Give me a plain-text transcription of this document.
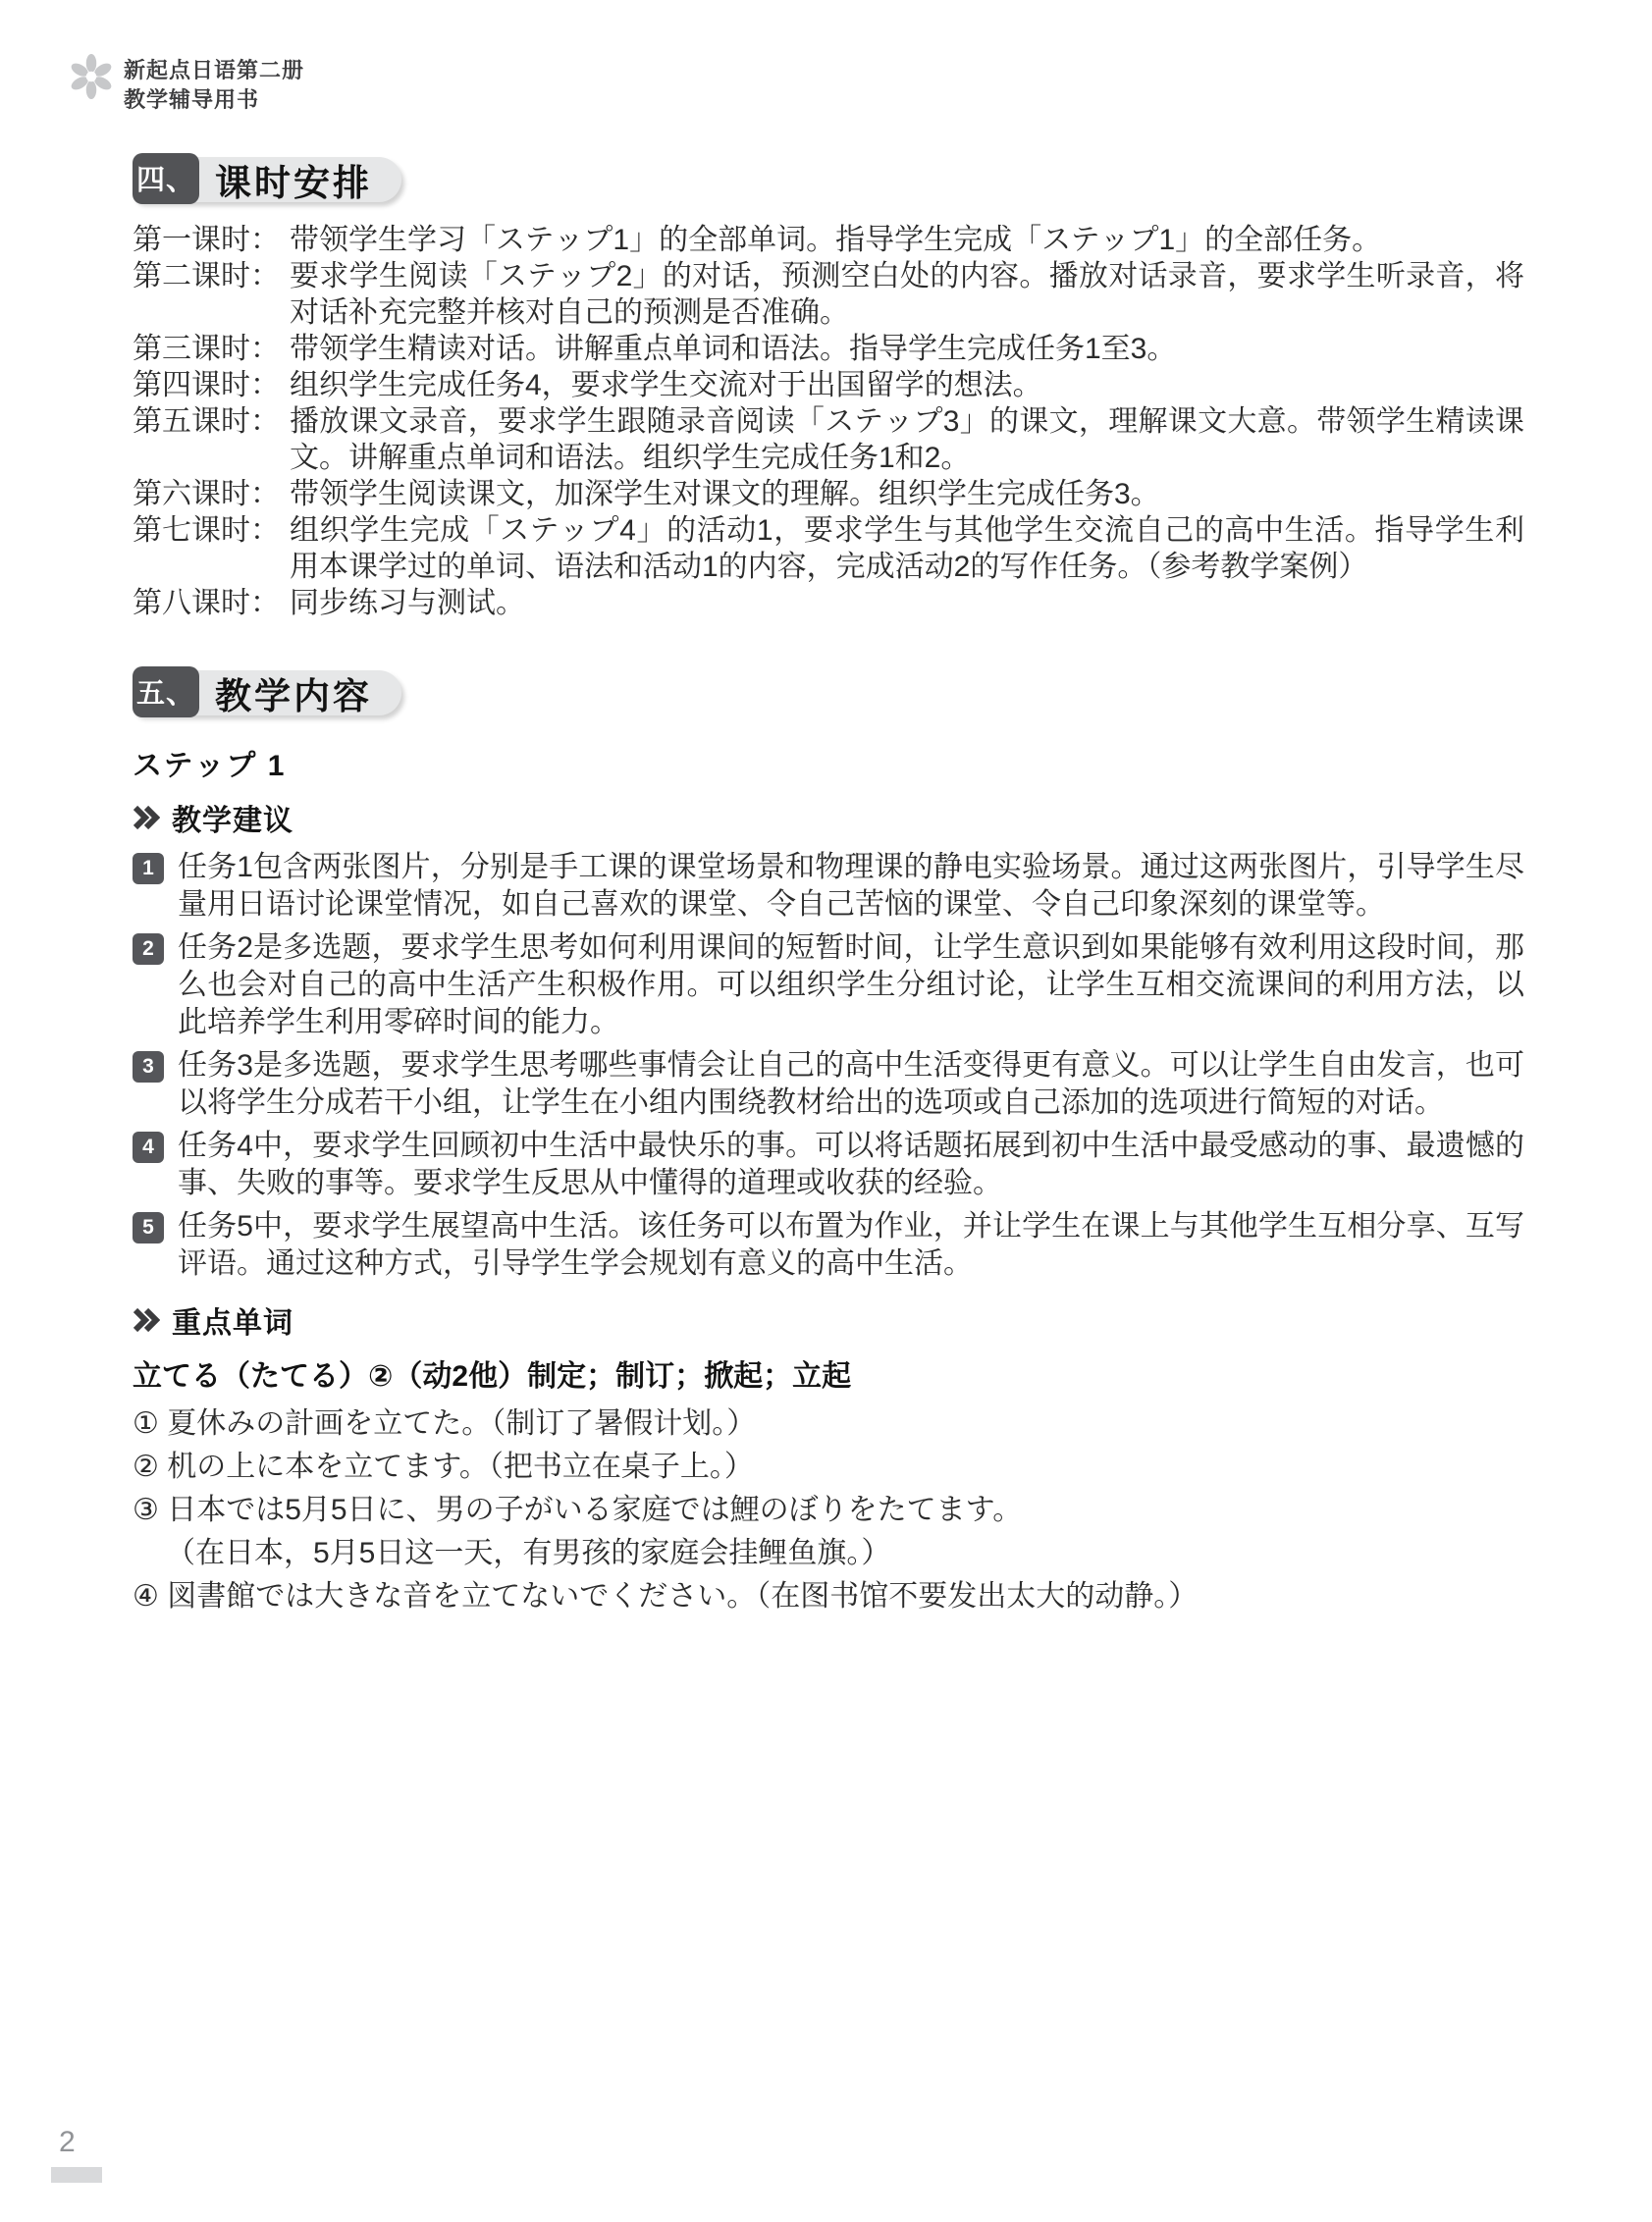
新起点日语第二册
教学辅导用书
四、 课时安排
第一课时： 带领学生学习「ステップ1」的全部单词。指导学生完成「ステップ1」的全部任务。
第二课时： 要求学生阅读「ステップ2」的对话，预测空白处的内容。播放对话录音，要求学生听录音，将对话补充完整并核对自己的预测是否准确。
第三课时： 带领学生精读对话。讲解重点单词和语法。指导学生完成任务1至3。
第四课时： 组织学生完成任务4，要求学生交流对于出国留学的想法。
第五课时： 播放课文录音，要求学生跟随录音阅读「ステップ3」的课文，理解课文大意。带领学生精读课文。讲解重点单词和语法。组织学生完成任务1和2。
第六课时： 带领学生阅读课文，加深学生对课文的理解。组织学生完成任务3。
第七课时： 组织学生完成「ステップ4」的活动1，要求学生与其他学生交流自己的高中生活。指导学生利用本课学过的单词、语法和活动1的内容，完成活动2的写作任务。（参考教学案例）
第八课时： 同步练习与测试。
五、 教学内容
ステップ 1
教学建议
1 任务1包含两张图片，分别是手工课的课堂场景和物理课的静电实验场景。通过这两张图片，引导学生尽量用日语讨论课堂情况，如自己喜欢的课堂、令自己苦恼的课堂、令自己印象深刻的课堂等。
2 任务2是多选题，要求学生思考如何利用课间的短暂时间，让学生意识到如果能够有效利用这段时间，那么也会对自己的高中生活产生积极作用。可以组织学生分组讨论，让学生互相交流课间的利用方法，以此培养学生利用零碎时间的能力。
3 任务3是多选题，要求学生思考哪些事情会让自己的高中生活变得更有意义。可以让学生自由发言，也可以将学生分成若干小组，让学生在小组内围绕教材给出的选项或自己添加的选项进行简短的对话。
4 任务4中，要求学生回顾初中生活中最快乐的事。可以将话题拓展到初中生活中最受感动的事、最遗憾的事、失败的事等。要求学生反思从中懂得的道理或收获的经验。
5 任务5中，要求学生展望高中生活。该任务可以布置为作业，并让学生在课上与其他学生互相分享、互写评语。通过这种方式，引导学生学会规划有意义的高中生活。
重点单词
立てる（たてる）②（动2他）制定；制订；掀起；立起
① 夏休みの計画を立てた。（制订了暑假计划。）
② 机の上に本を立てます。（把书立在桌子上。）
③ 日本では5月5日に、男の子がいる家庭では鯉のぼりをたてます。
（在日本，5月5日这一天，有男孩的家庭会挂鲤鱼旗。）
④ 図書館では大きな音を立てないでください。（在图书馆不要发出太大的动静。）
2
